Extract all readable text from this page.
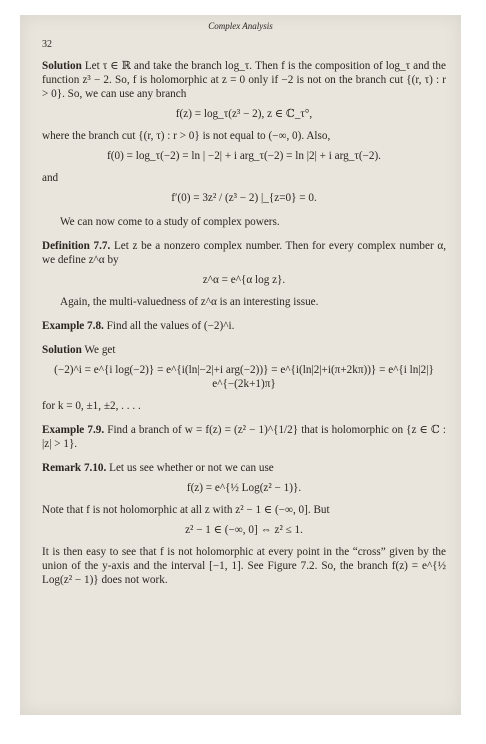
Complex Analysis
32

Solution Let τ ∈ ℝ and take the branch log_τ. Then f is the composition of log_τ and the function z³ − 2. So, f is holomorphic at z = 0 only if −2 is not on the branch cut {(r, τ) : r > 0}. So, we can use any branch

f(z) = log_τ(z³ − 2), z ∈ ℂ_τ°,

where the branch cut {(r, τ) : r > 0} is not equal to (−∞, 0). Also,

f(0) = log_τ(−2) = ln | −2| + i arg_τ(−2) = ln |2| + i arg_τ(−2).

and

f′(0) = 3z² / (z³ − 2) |_{z=0} = 0.

We can now come to a study of complex powers.

Definition 7.7. Let z be a nonzero complex number. Then for every complex number α, we define z^α by

z^α = e^{α log z}.

Again, the multi-valuedness of z^α is an interesting issue.

Example 7.8. Find all the values of (−2)^i.

Solution We get

(−2)^i = e^{i log(−2)} = e^{i(ln|−2|+i arg(−2))} = e^{i(ln|2|+i(π+2kπ))} = e^{i ln|2|} e^{−(2k+1)π}

for k = 0, ±1, ±2, . . . .

Example 7.9. Find a branch of w = f(z) = (z² − 1)^{1/2} that is holomorphic on {z ∈ ℂ : |z| > 1}.

Remark 7.10. Let us see whether or not we can use

f(z) = e^{½ Log(z² − 1)}.

Note that f is not holomorphic at all z with z² − 1 ∈ (−∞, 0]. But

z² − 1 ∈ (−∞, 0] ⇔ z² ≤ 1.

It is then easy to see that f is not holomorphic at every point in the “cross” given by the union of the y-axis and the interval [−1, 1]. See Figure 7.2. So, the branch f(z) = e^{½ Log(z² − 1)} does not work.
